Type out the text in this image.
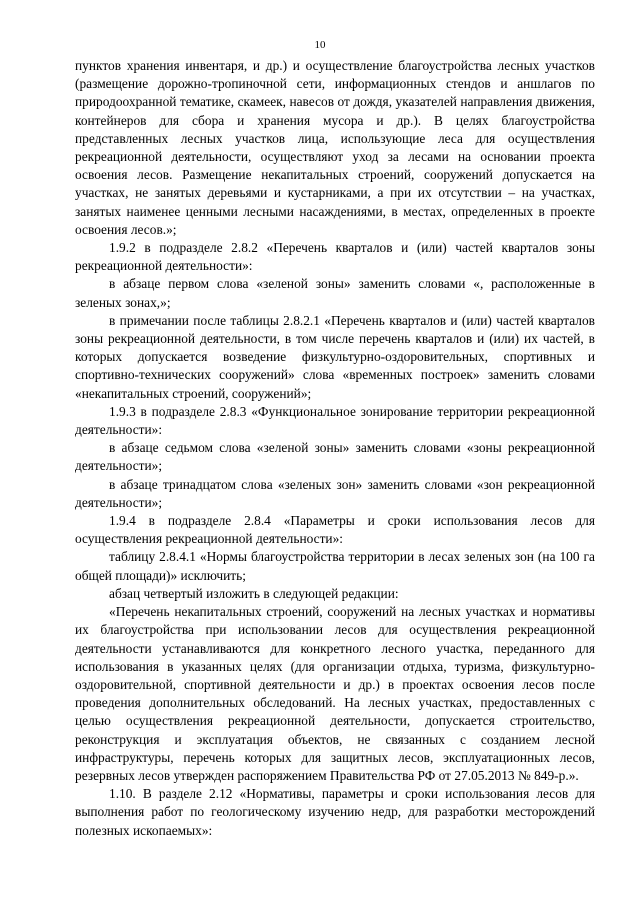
10

пунктов хранения инвентаря, и др.) и осуществление благоустройства лесных участков (размещение дорожно-тропиночной сети, информационных стендов и аншлагов по природоохранной тематике, скамеек, навесов от дождя, указателей направления движения, контейнеров для сбора и хранения мусора и др.). В целях благоустройства представленных лесных участков лица, использующие леса для осуществления рекреационной деятельности, осуществляют уход за лесами на основании проекта освоения лесов. Размещение некапитальных строений, сооружений допускается на участках, не занятых деревьями и кустарниками, а при их отсутствии – на участках, занятых наименее ценными лесными насаждениями, в местах, определенных в проекте освоения лесов.»;

1.9.2 в подразделе 2.8.2 «Перечень кварталов и (или) частей кварталов зоны рекреационной деятельности»:

в абзаце первом слова «зеленой зоны» заменить словами «, расположенные в зеленых зонах,»;

в примечании после таблицы 2.8.2.1 «Перечень кварталов и (или) частей кварталов зоны рекреационной деятельности, в том числе перечень кварталов и (или) их частей, в которых допускается возведение физкультурно-оздоровительных, спортивных и спортивно-технических сооружений» слова «временных построек» заменить словами «некапитальных строений, сооружений»;

1.9.3 в подразделе 2.8.3 «Функциональное зонирование территории рекреационной деятельности»:

в абзаце седьмом слова «зеленой зоны» заменить словами «зоны рекреационной деятельности»;

в абзаце тринадцатом слова «зеленых зон» заменить словами «зон рекреационной деятельности»;

1.9.4 в подразделе 2.8.4 «Параметры и сроки использования лесов для осуществления рекреационной деятельности»:

таблицу 2.8.4.1 «Нормы благоустройства территории в лесах зеленых зон (на 100 га общей площади)» исключить;

абзац четвертый изложить в следующей редакции:

«Перечень некапитальных строений, сооружений на лесных участках и нормативы их благоустройства при использовании лесов для осуществления рекреационной деятельности устанавливаются для конкретного лесного участка, переданного для использования в указанных целях (для организации отдыха, туризма, физкультурно-оздоровительной, спортивной деятельности и др.) в проектах освоения лесов после проведения дополнительных обследований. На лесных участках, предоставленных с целью осуществления рекреационной деятельности, допускается строительство, реконструкция и эксплуатация объектов, не связанных с созданием лесной инфраструктуры, перечень которых для защитных лесов, эксплуатационных лесов, резервных лесов утвержден распоряжением Правительства РФ от 27.05.2013 № 849-р.».

1.10. В разделе 2.12 «Нормативы, параметры и сроки использования лесов для выполнения работ по геологическому изучению недр, для разработки месторождений полезных ископаемых»:
